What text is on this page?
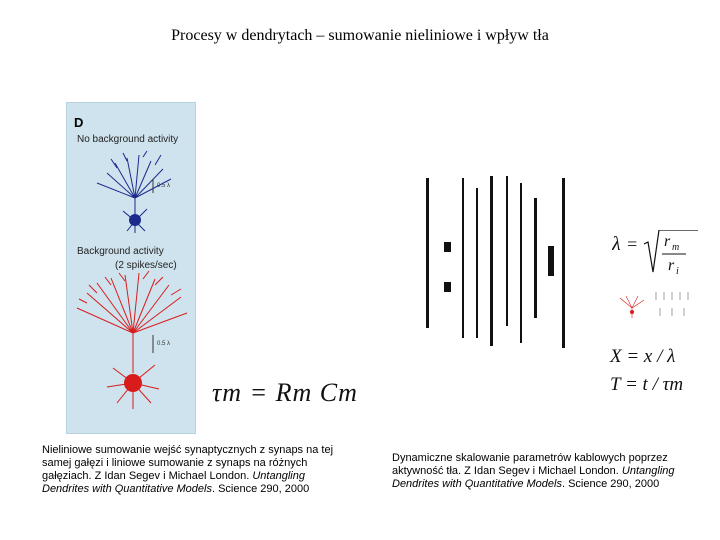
Procesy w dendrytach – sumowanie nieliniowe i wpływ tła
D
No background activity
Background activity
(2 spikes/sec)
0.5 λ
0.5 λ
τm = Rm Cm
λ = r m
r i
X = x / λ
T = t / τm
Nieliniowe sumowanie wejść synaptycznych z synaps na tej samej gałęzi i liniowe sumowanie z synaps na różnych gałęziach. Z Idan Segev i Michael London. Untangling Dendrites with Quantitative Models. Science 290, 2000
Dynamiczne skalowanie parametrów kablowych poprzez aktywność tła. Z Idan Segev i Michael London. Untangling Dendrites with Quantitative Models. Science 290, 2000
